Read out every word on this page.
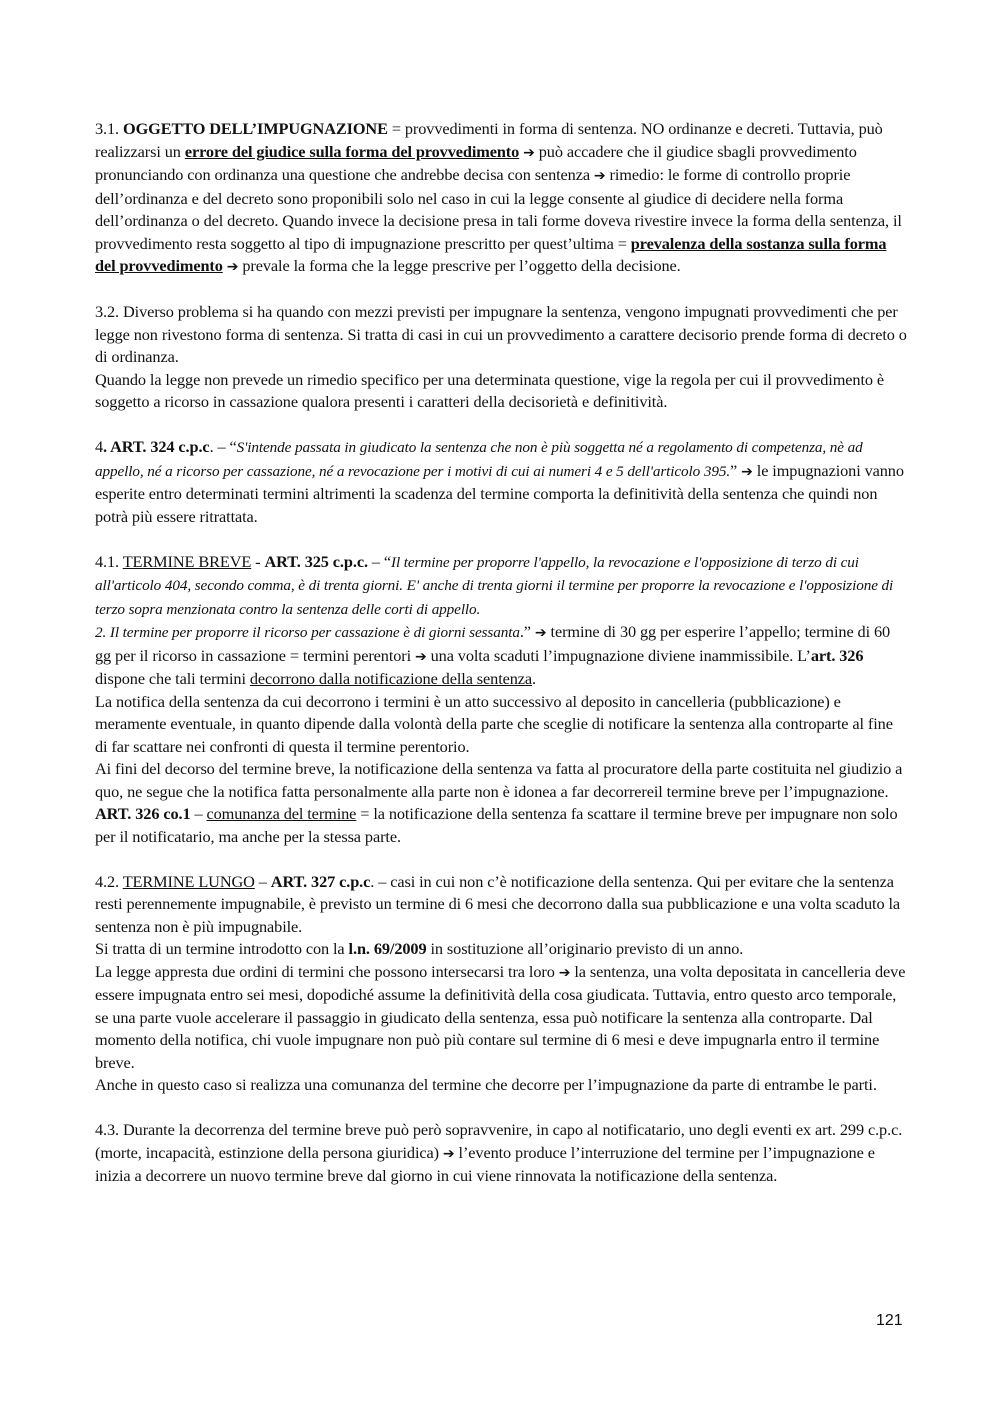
3.1. OGGETTO DELL’IMPUGNAZIONE = provvedimenti in forma di sentenza. NO ordinanze e decreti. Tuttavia, può realizzarsi un errore del giudice sulla forma del provvedimento ➔ può accadere che il giudice sbagli provvedimento pronunciando con ordinanza una questione che andrebbe decisa con sentenza ➔ rimedio: le forme di controllo proprie dell’ordinanza e del decreto sono proponibili solo nel caso in cui la legge consente al giudice di decidere nella forma dell’ordinanza o del decreto. Quando invece la decisione presa in tali forme doveva rivestire invece la forma della sentenza, il provvedimento resta soggetto al tipo di impugnazione prescritto per quest’ultima = prevalenza della sostanza sulla forma del provvedimento ➔ prevale la forma che la legge prescrive per l’oggetto della decisione.

3.2. Diverso problema si ha quando con mezzi previsti per impugnare la sentenza, vengono impugnati provvedimenti che per legge non rivestono forma di sentenza. Si tratta di casi in cui un provvedimento a carattere decisorio prende forma di decreto o di ordinanza.
Quando la legge non prevede un rimedio specifico per una determinata questione, vige la regola per cui il provvedimento è soggetto a ricorso in cassazione qualora presenti i caratteri della decisorietà e definitività.

4. ART. 324 c.p.c. – “S'intende passata in giudicato la sentenza che non è più soggetta né a regolamento di competenza, nè ad appello, né a ricorso per cassazione, né a revocazione per i motivi di cui ai numeri 4 e 5 dell'articolo 395.” ➔ le impugnazioni vanno esperite entro determinati termini altrimenti la scadenza del termine comporta la definitività della sentenza che quindi non potrà più essere ritrattata.

4.1. TERMINE BREVE - ART. 325 c.p.c. – “Il termine per proporre l'appello, la revocazione e l'opposizione di terzo di cui all'articolo 404, secondo comma, è di trenta giorni. E' anche di trenta giorni il termine per proporre la revocazione e l'opposizione di terzo sopra menzionata contro la sentenza delle corti di appello.
2. Il termine per proporre il ricorso per cassazione è di giorni sessanta.” ➔ termine di 30 gg per esperire l’appello; termine di 60 gg per il ricorso in cassazione = termini perentori ➔ una volta scaduti l’impugnazione diviene inammissibile. L’art. 326 dispone che tali termini decorrono dalla notificazione della sentenza.
La notifica della sentenza da cui decorrono i termini è un atto successivo al deposito in cancelleria (pubblicazione) e meramente eventuale, in quanto dipende dalla volontà della parte che sceglie di notificare la sentenza alla controparte al fine di far scattare nei confronti di questa il termine perentorio.
Ai fini del decorso del termine breve, la notificazione della sentenza va fatta al procuratore della parte costituita nel giudizio a quo, ne segue che la notifica fatta personalmente alla parte non è idonea a far decorrereil termine breve per l’impugnazione.
ART. 326 co.1 – comunanza del termine = la notificazione della sentenza fa scattare il termine breve per impugnare non solo per il notificatario, ma anche per la stessa parte.

4.2. TERMINE LUNGO – ART. 327 c.p.c. – casi in cui non c’è notificazione della sentenza. Qui per evitare che la sentenza resti perennemente impugnabile, è previsto un termine di 6 mesi che decorrono dalla sua pubblicazione e una volta scaduto la sentenza non è più impugnabile.
Si tratta di un termine introdotto con la l.n. 69/2009 in sostituzione all’originario previsto di un anno.
La legge appresta due ordini di termini che possono intersecarsi tra loro ➔ la sentenza, una volta depositata in cancelleria deve essere impugnata entro sei mesi, dopodiché assume la definitività della cosa giudicata. Tuttavia, entro questo arco temporale, se una parte vuole accelerare il passaggio in giudicato della sentenza, essa può notificare la sentenza alla controparte. Dal momento della notifica, chi vuole impugnare non può più contare sul termine di 6 mesi e deve impugnarla entro il termine breve.
Anche in questo caso si realizza una comunanza del termine che decorre per l’impugnazione da parte di entrambe le parti.

4.3. Durante la decorrenza del termine breve può però sopravvenire, in capo al notificatario, uno degli eventi ex art. 299 c.p.c. (morte, incapacità, estinzione della persona giuridica) ➔ l’evento produce l’interruzione del termine per l’impugnazione e inizia a decorrere un nuovo termine breve dal giorno in cui viene rinnovata la notificazione della sentenza.

121
